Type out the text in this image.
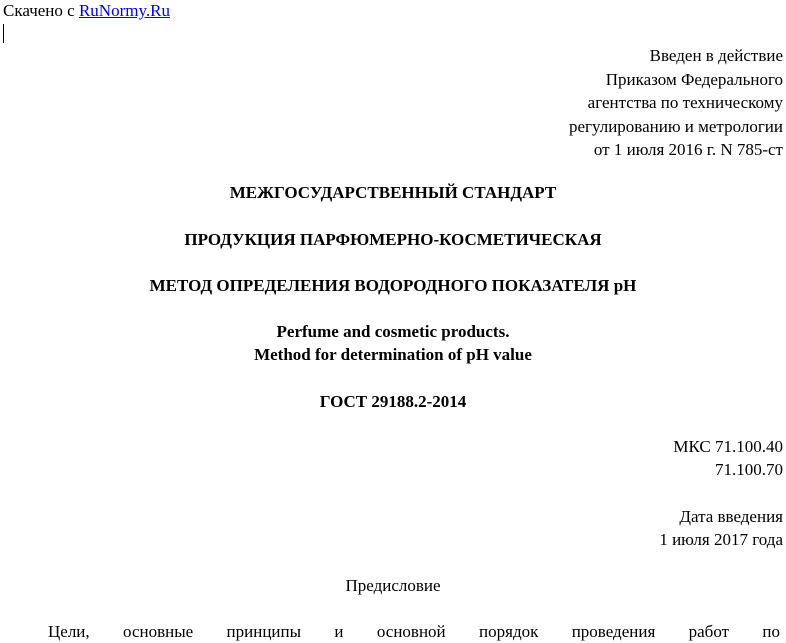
Скачено с RuNormy.Ru
Введен в действие
Приказом Федерального
агентства по техническому
регулированию и метрологии
от 1 июля 2016 г. N 785-ст
МЕЖГОСУДАРСТВЕННЫЙ СТАНДАРТ
ПРОДУКЦИЯ ПАРФЮМЕРНО-КОСМЕТИЧЕСКАЯ
МЕТОД ОПРЕДЕЛЕНИЯ ВОДОРОДНОГО ПОКАЗАТЕЛЯ pH
Perfume and cosmetic products.
Method for determination of pH value
ГОСТ 29188.2-2014
МКС 71.100.40
71.100.70
Дата введения
1 июля 2017 года
Предисловие
Цели, основные принципы и основной порядок проведения работ по
